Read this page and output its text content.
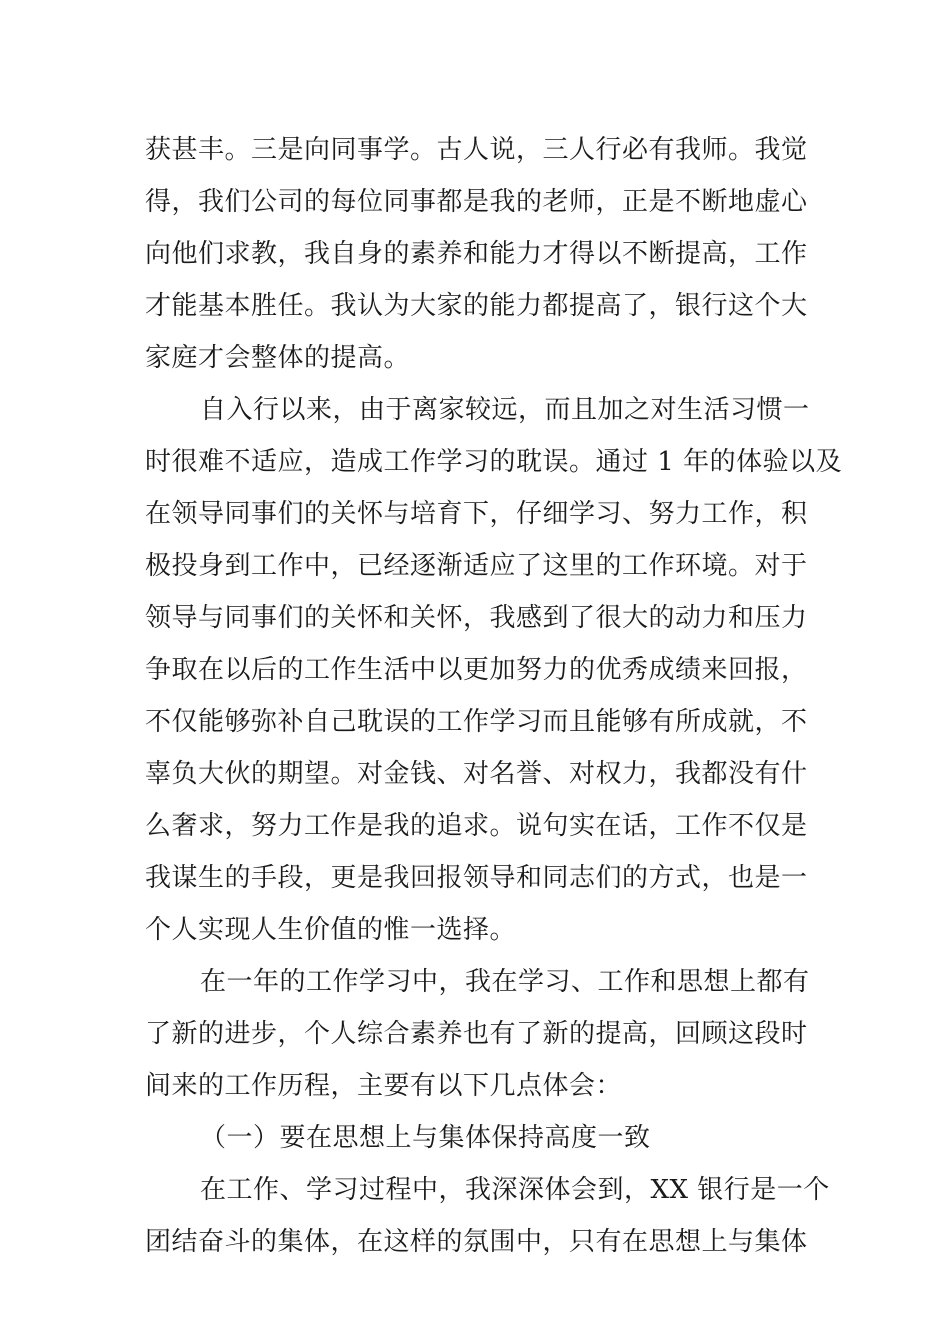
获甚丰。三是向同事学。古人说，三人行必有我师。我觉
得，我们公司的每位同事都是我的老师，正是不断地虚心
向他们求教，我自身的素养和能力才得以不断提高，工作
才能基本胜任。我认为大家的能力都提高了，银行这个大
家庭才会整体的提高。
自入行以来，由于离家较远，而且加之对生活习惯一
时很难不适应，造成工作学习的耽误。通过 1 年的体验以及
在领导同事们的关怀与培育下，仔细学习、努力工作，积
极投身到工作中，已经逐渐适应了这里的工作环境。对于
领导与同事们的关怀和关怀，我感到了很大的动力和压力
争取在以后的工作生活中以更加努力的优秀成绩来回报，
不仅能够弥补自己耽误的工作学习而且能够有所成就，不
辜负大伙的期望。对金钱、对名誉、对权力，我都没有什
么奢求，努力工作是我的追求。说句实在话，工作不仅是
我谋生的手段，更是我回报领导和同志们的方式，也是一
个人实现人生价值的惟一选择。
在一年的工作学习中，我在学习、工作和思想上都有
了新的进步，个人综合素养也有了新的提高，回顾这段时
间来的工作历程，主要有以下几点体会：
（一）要在思想上与集体保持高度一致
在工作、学习过程中，我深深体会到，XX 银行是一个
团结奋斗的集体，在这样的氛围中，只有在思想上与集体
